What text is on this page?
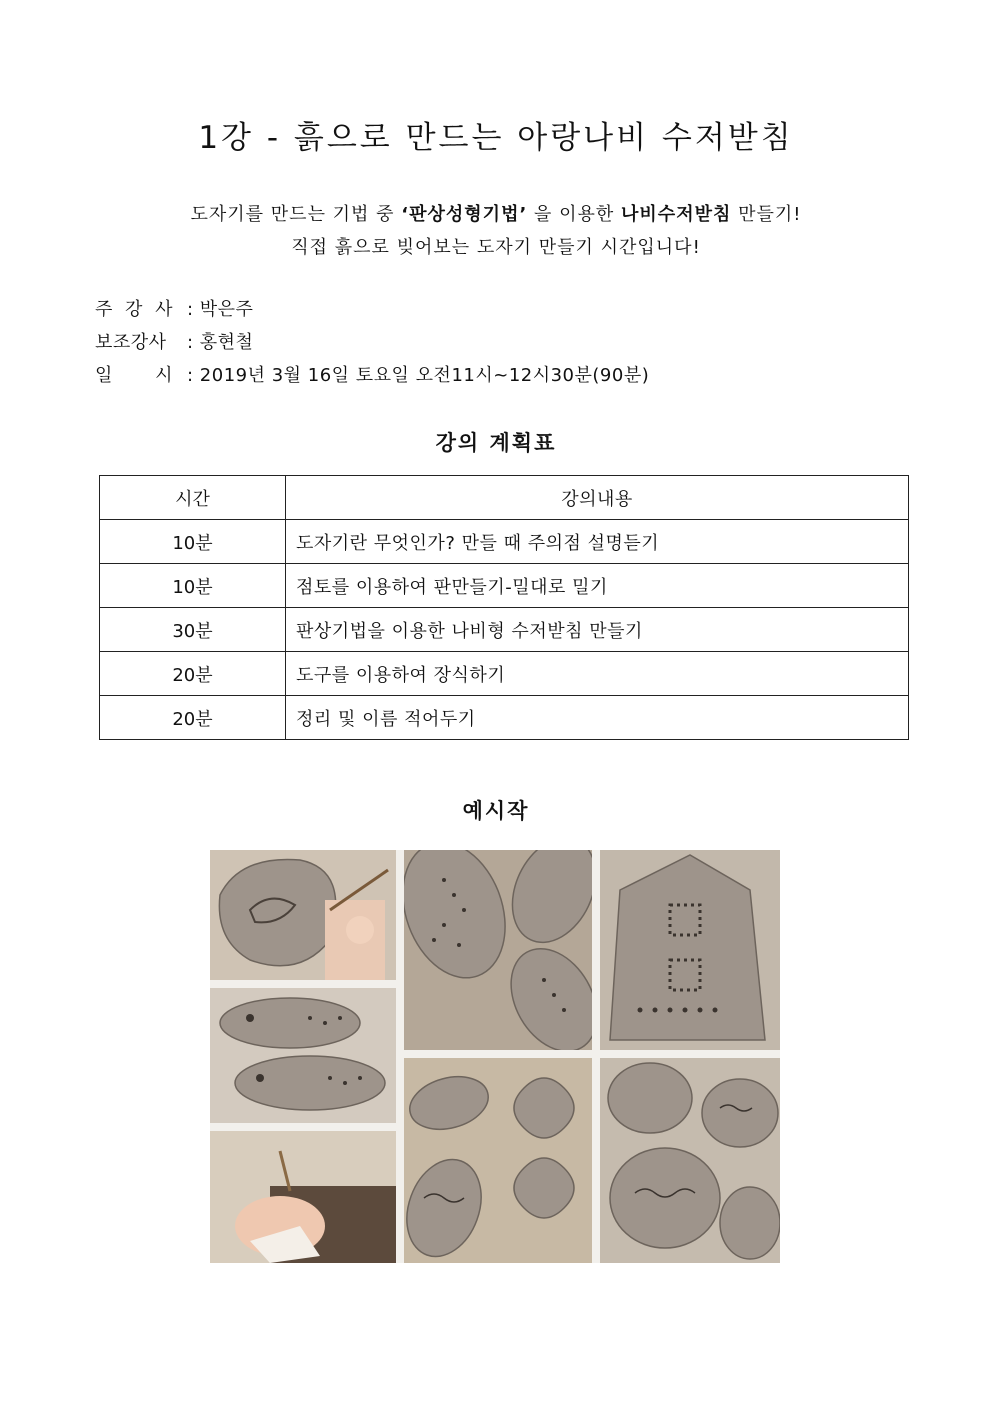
1강 - 흙으로 만드는 아랑나비 수저받침
도자기를 만드는 기법 중 ‘판상성형기법’ 을 이용한 나비수저받침 만들기!
직접 흙으로 빚어보는 도자기 만들기 시간입니다!
주 강 사 : 박은주
보조강사	: 홍현철
일 시 : 2019년 3월 16일 토요일 오전11시~12시30분(90분)
강의 계획표
시간	강의내용
10분	도자기란 무엇인가? 만들 때 주의점 설명듣기
10분	점토를 이용하여 판만들기-밀대로 밀기
30분	판상기법을 이용한 나비형 수저받침 만들기
20분	도구를 이용하여 장식하기
20분	정리 및 이름 적어두기
예시작
